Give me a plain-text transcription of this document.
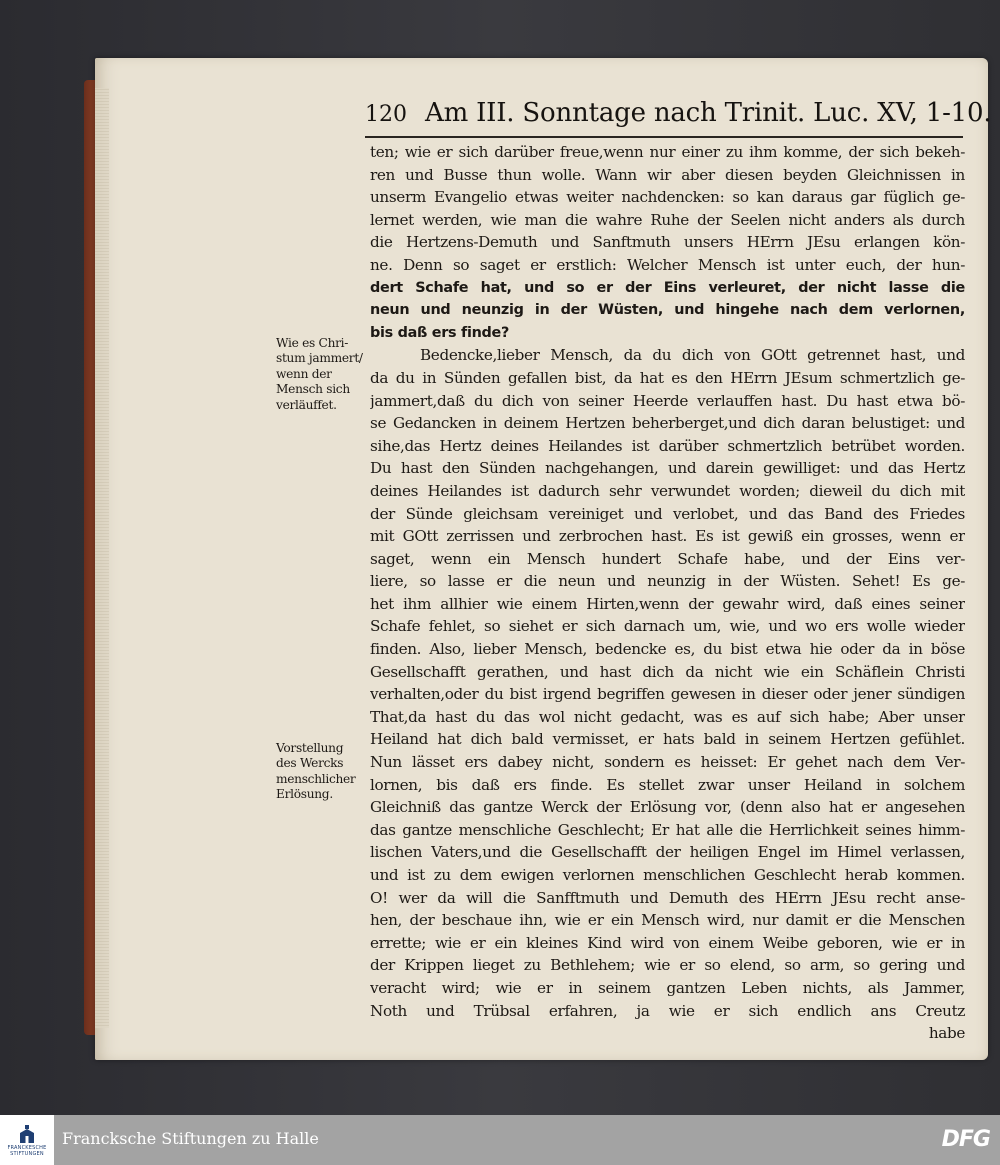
120 Am III. Sonntage nach Trinit. Luc. XV, 1-10.
ten; wie er sich darüber freue,wenn nur einer zu ihm komme, der sich bekeh-
ren und Busse thun wolle. Wann wir aber diesen beyden Gleichnissen in
unserm Evangelio etwas weiter nachdencken: so kan daraus gar füglich ge-
lernet werden, wie man die wahre Ruhe der Seelen nicht anders als durch
die Hertzens-Demuth und Sanftmuth unsers HErrn JEsu erlangen kön-
ne. Denn so saget er erstlich: Welcher Mensch ist unter euch, der hun-
dert Schafe hat, und so er der Eins verleuret, der nicht lasse die
neun und neunzig in der Wüsten, und hingehe nach dem verlornen,
bis daß ers finde?
Bedencke,lieber Mensch, da du dich von GOtt getrennet hast, und
da du in Sünden gefallen bist, da hat es den HErrn JEsum schmertzlich ge-
jammert,daß du dich von seiner Heerde verlauffen hast. Du hast etwa bö-
se Gedancken in deinem Hertzen beherberget,und dich daran belustiget: und
sihe,das Hertz deines Heilandes ist darüber schmertzlich betrübet worden.
Du hast den Sünden nachgehangen, und darein gewilliget: und das Hertz
deines Heilandes ist dadurch sehr verwundet worden; dieweil du dich mit
der Sünde gleichsam vereiniget und verlobet, und das Band des Friedes
mit GOtt zerrissen und zerbrochen hast. Es ist gewiß ein grosses, wenn er
saget, wenn ein Mensch hundert Schafe habe, und der Eins ver-
liere, so lasse er die neun und neunzig in der Wüsten. Sehet! Es ge-
het ihm allhier wie einem Hirten,wenn der gewahr wird, daß eines seiner
Schafe fehlet, so siehet er sich darnach um, wie, und wo ers wolle wieder
finden. Also, lieber Mensch, bedencke es, du bist etwa hie oder da in böse
Gesellschafft gerathen, und hast dich da nicht wie ein Schäflein Christi
verhalten,oder du bist irgend begriffen gewesen in dieser oder jener sündigen
That,da hast du das wol nicht gedacht, was es auf sich habe; Aber unser
Heiland hat dich bald vermisset, er hats bald in seinem Hertzen gefühlet.
Nun lässet ers dabey nicht, sondern es heisset: Er gehet nach dem Ver-
lornen, bis daß ers finde. Es stellet zwar unser Heiland in solchem
Gleichniß das gantze Werck der Erlösung vor, (denn also hat er angesehen
das gantze menschliche Geschlecht; Er hat alle die Herrlichkeit seines himm-
lischen Vaters,und die Gesellschafft der heiligen Engel im Himel verlassen,
und ist zu dem ewigen verlornen menschlichen Geschlecht herab kommen.
O! wer da will die Sanfftmuth und Demuth des HErrn JEsu recht anse-
hen, der beschaue ihn, wie er ein Mensch wird, nur damit er die Menschen
errette; wie er ein kleines Kind wird von einem Weibe geboren, wie er in
der Krippen lieget zu Bethlehem; wie er so elend, so arm, so gering und
veracht wird; wie er in seinem gantzen Leben nichts, als Jammer,
Noth und Trübsal erfahren, ja wie er sich endlich ans Creutz
habe
Wie es Chri-
stum jammert/
wenn der
Mensch sich
verläuffet.
Vorstellung
des Wercks
menschlicher
Erlösung.
FRANCKESCHE
STIFTUNGEN
Francksche Stiftungen zu Halle	DFG
